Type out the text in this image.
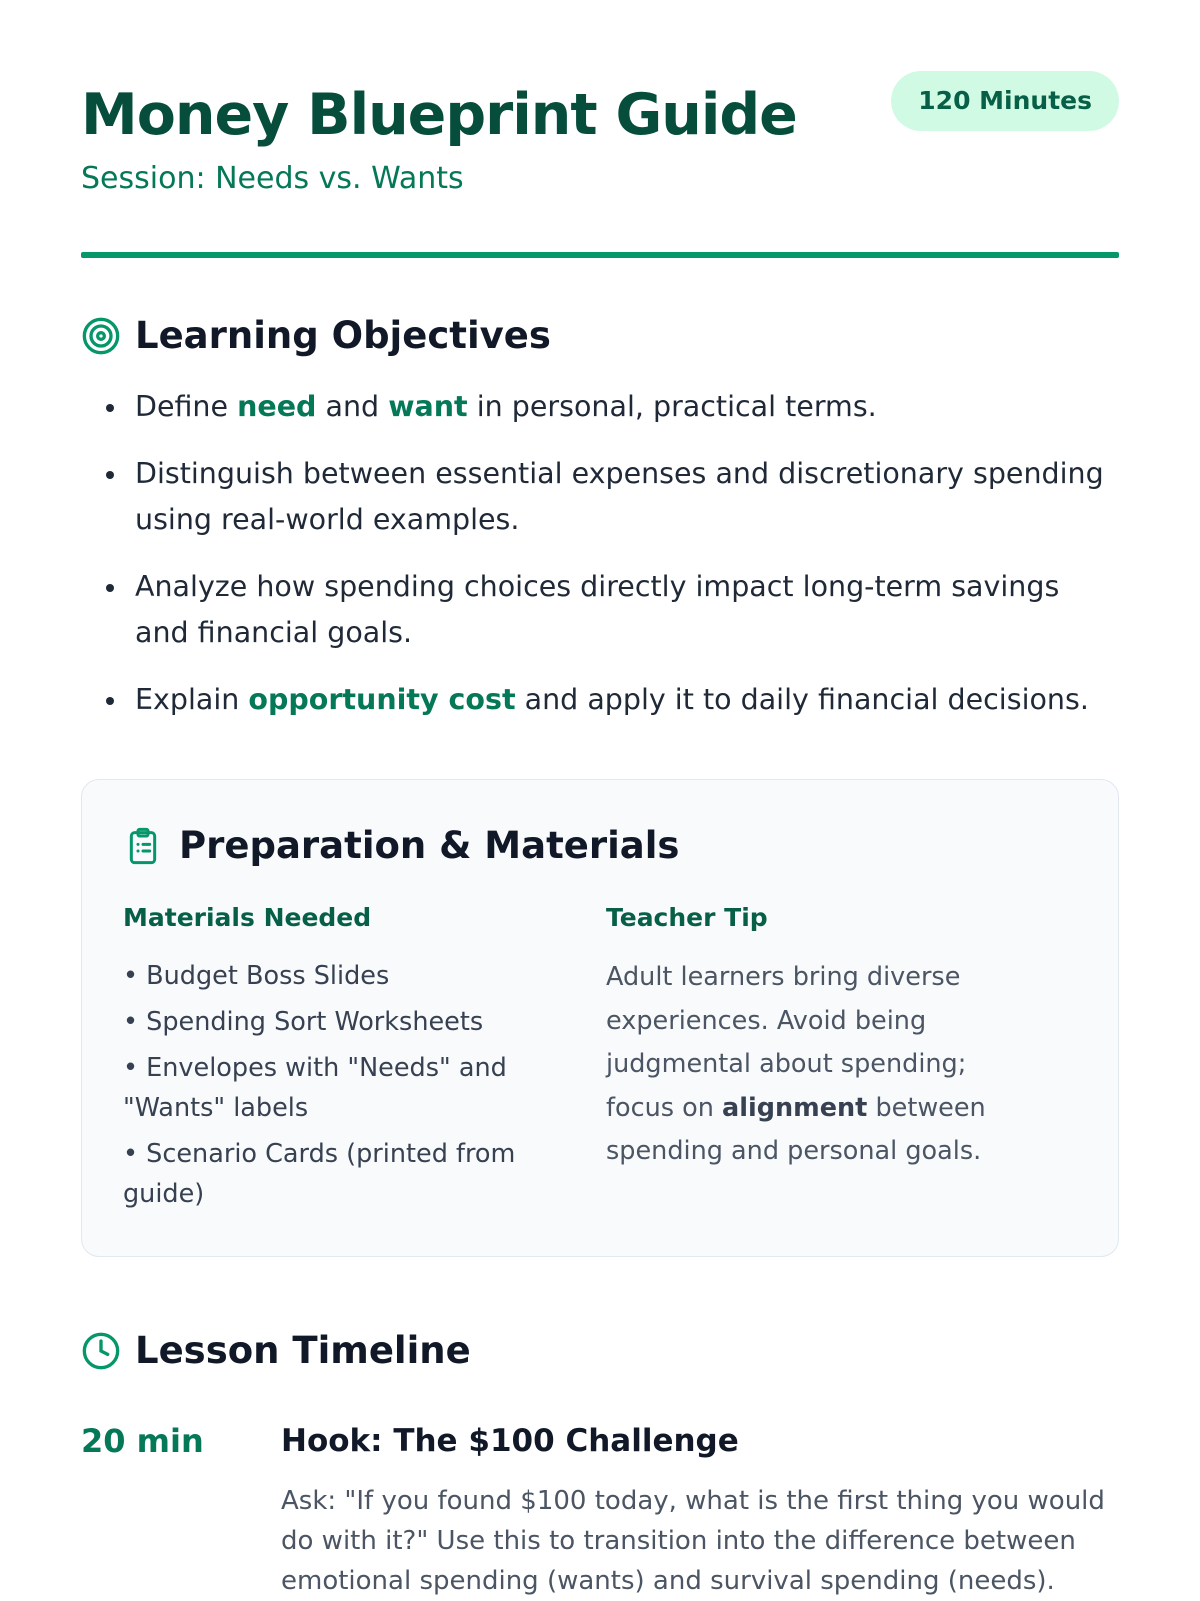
Money Blueprint Guide

Session: Needs vs. Wants

120 Minutes
Learning Objectives
Define need and want in personal, practical terms.
Distinguish between essential expenses and discretionary spending using real-world examples.
Analyze how spending choices directly impact long-term savings and financial goals.
Explain opportunity cost and apply it to daily financial decisions.
Preparation & Materials
Materials Needed
• Budget Boss Slides
• Spending Sort Worksheets
• Envelopes with "Needs" and "Wants" labels
• Scenario Cards (printed from guide)
Teacher Tip

Adult learners bring diverse experiences. Avoid being judgmental about spending; focus on alignment between spending and personal goals.

Lesson Timeline
20 min	Hook: The $100 Challenge

Ask: "If you found $100 today, what is the first thing you would do with it?" Use this to transition into the difference between emotional spending (wants) and survival spending (needs).
